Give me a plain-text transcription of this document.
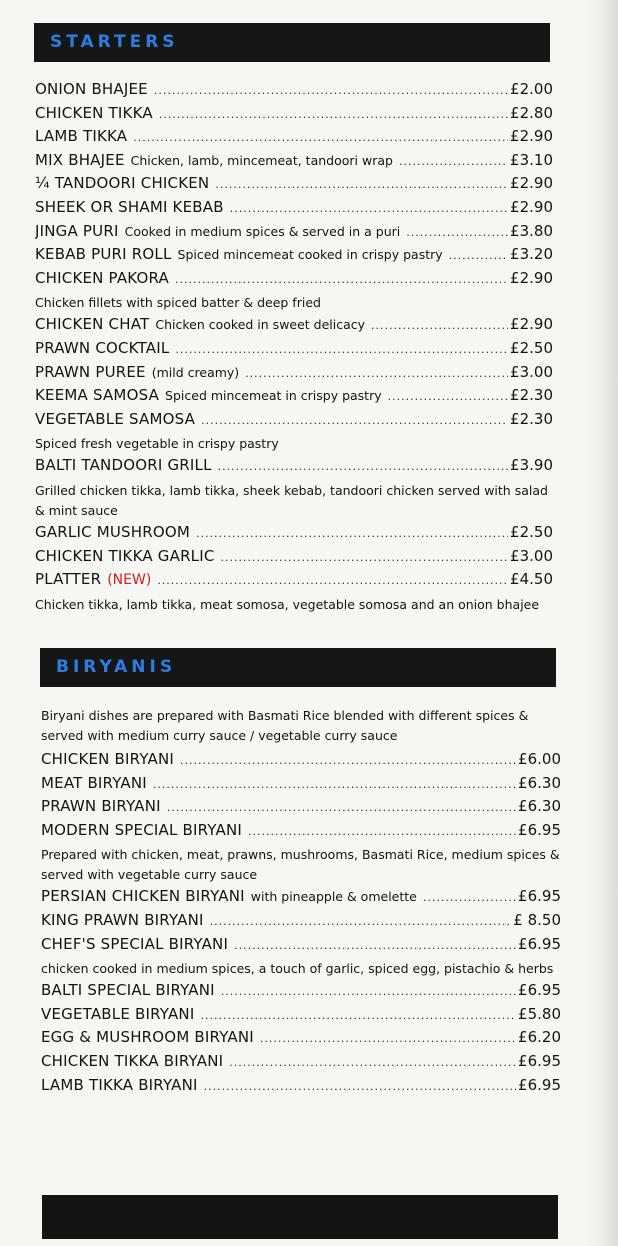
STARTERS
ONION BHAJEE .....	£2.00
CHICKEN TIKKA .....	£2.80
LAMB TIKKA .....	£2.90
MIX BHAJEE Chicken, lamb, mincemeat, tandoori wrap .....	£3.10
¼ TANDOORI CHICKEN .....	£2.90
SHEEK OR SHAMI KEBAB .....	£2.90
JINGA PURI Cooked in medium spices & served in a puri .....	£3.80
KEBAB PURI ROLL Spiced mincemeat cooked in crispy pastry .....	£3.20
CHICKEN PAKORA .....	£2.90
Chicken fillets with spiced batter & deep fried
CHICKEN CHAT Chicken cooked in sweet delicacy .....	£2.90
PRAWN COCKTAIL .....	£2.50
PRAWN PUREE (mild creamy) .....	£3.00
KEEMA SAMOSA Spiced mincemeat in crispy pastry .....	£2.30
VEGETABLE SAMOSA .....	£2.30
Spiced fresh vegetable in crispy pastry
BALTI TANDOORI GRILL .....	£3.90
Grilled chicken tikka, lamb tikka, sheek kebab, tandoori chicken served with salad & mint sauce
GARLIC MUSHROOM .....	£2.50
CHICKEN TIKKA GARLIC .....	£3.00
PLATTER (NEW) .....	£4.50
Chicken tikka, lamb tikka, meat somosa, vegetable somosa and an onion bhajee
BIRYANIS
Biryani dishes are prepared with Basmati Rice blended with different spices & served with medium curry sauce / vegetable curry sauce
CHICKEN BIRYANI .....	£6.00
MEAT BIRYANI .....	£6.30
PRAWN BIRYANI .....	£6.30
MODERN SPECIAL BIRYANI .....	£6.95
Prepared with chicken, meat, prawns, mushrooms, Basmati Rice, medium spices & served with vegetable curry sauce
PERSIAN CHICKEN BIRYANI with pineapple & omelette .....	£6.95
KING PRAWN BIRYANI .....	£ 8.50
CHEF'S SPECIAL BIRYANI .....	£6.95
chicken cooked in medium spices, a touch of garlic, spiced egg, pistachio & herbs
BALTI SPECIAL BIRYANI .....	£6.95
VEGETABLE BIRYANI .....	£5.80
EGG & MUSHROOM BIRYANI .....	£6.20
CHICKEN TIKKA BIRYANI .....	£6.95
LAMB TIKKA BIRYANI .....	£6.95
